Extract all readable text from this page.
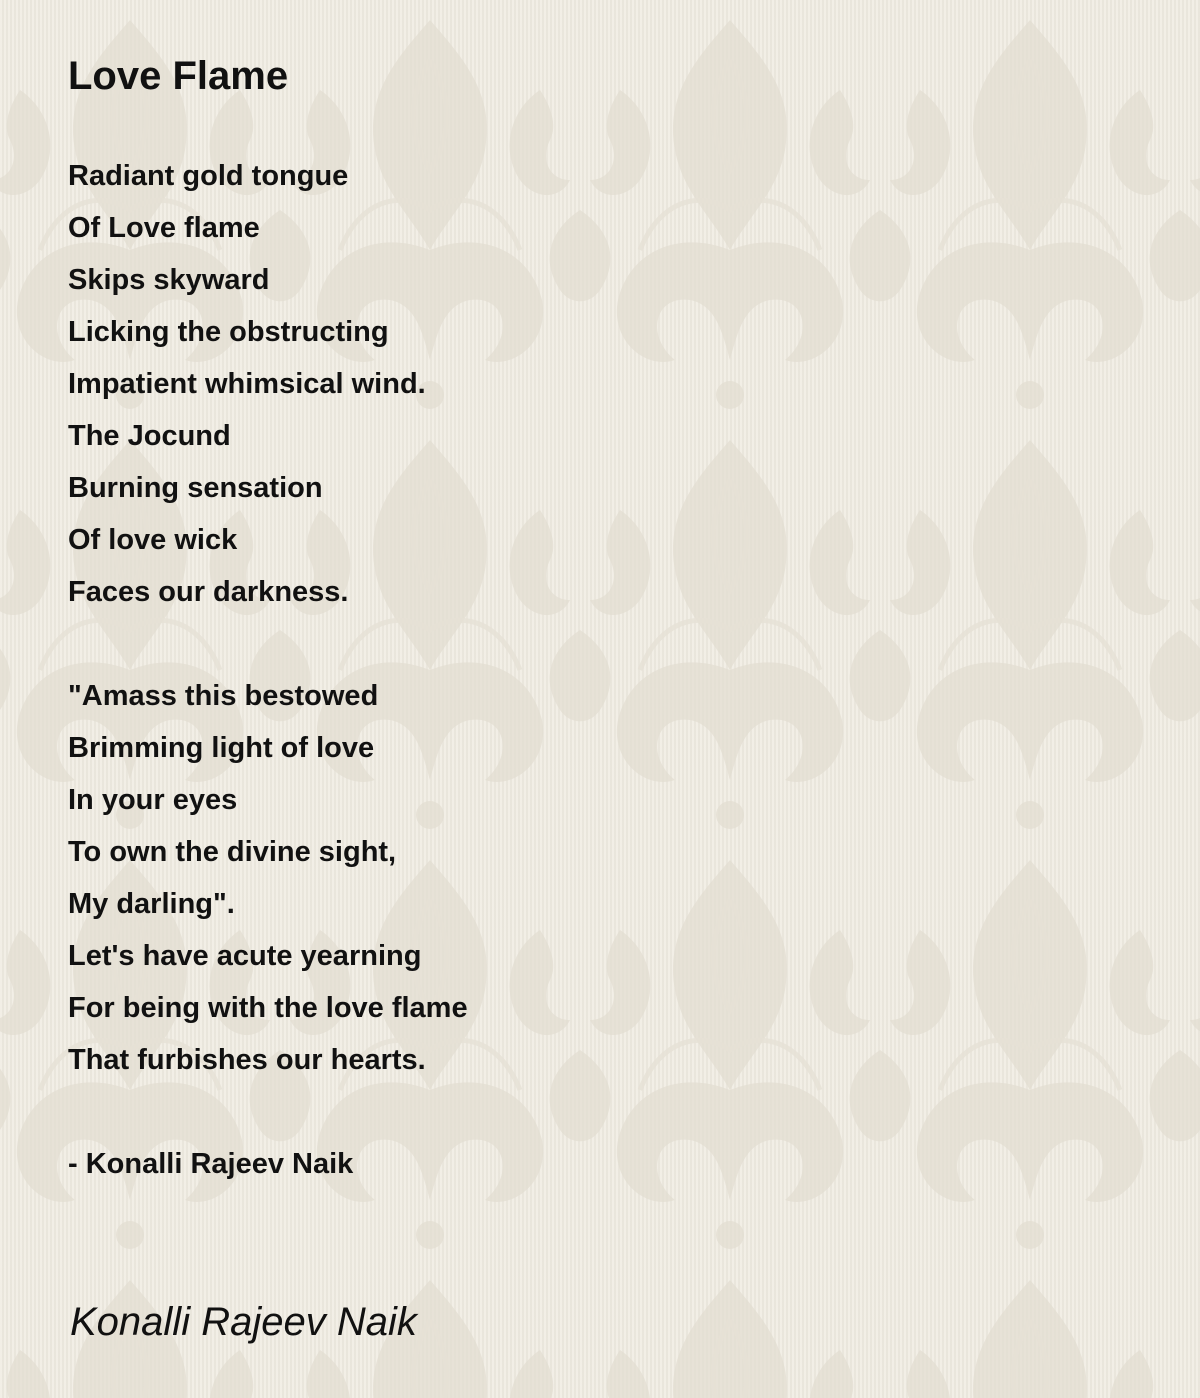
Love Flame
Radiant gold tongue
Of Love flame
Skips skyward
Licking the obstructing
Impatient whimsical wind.
The Jocund
Burning sensation
Of love wick
Faces our darkness.
"Amass this bestowed
Brimming light of love
In your eyes
To own the divine sight,
My darling".
Let's have acute yearning
For being with the love flame
That furbishes our hearts.
- Konalli Rajeev Naik
Konalli Rajeev Naik
